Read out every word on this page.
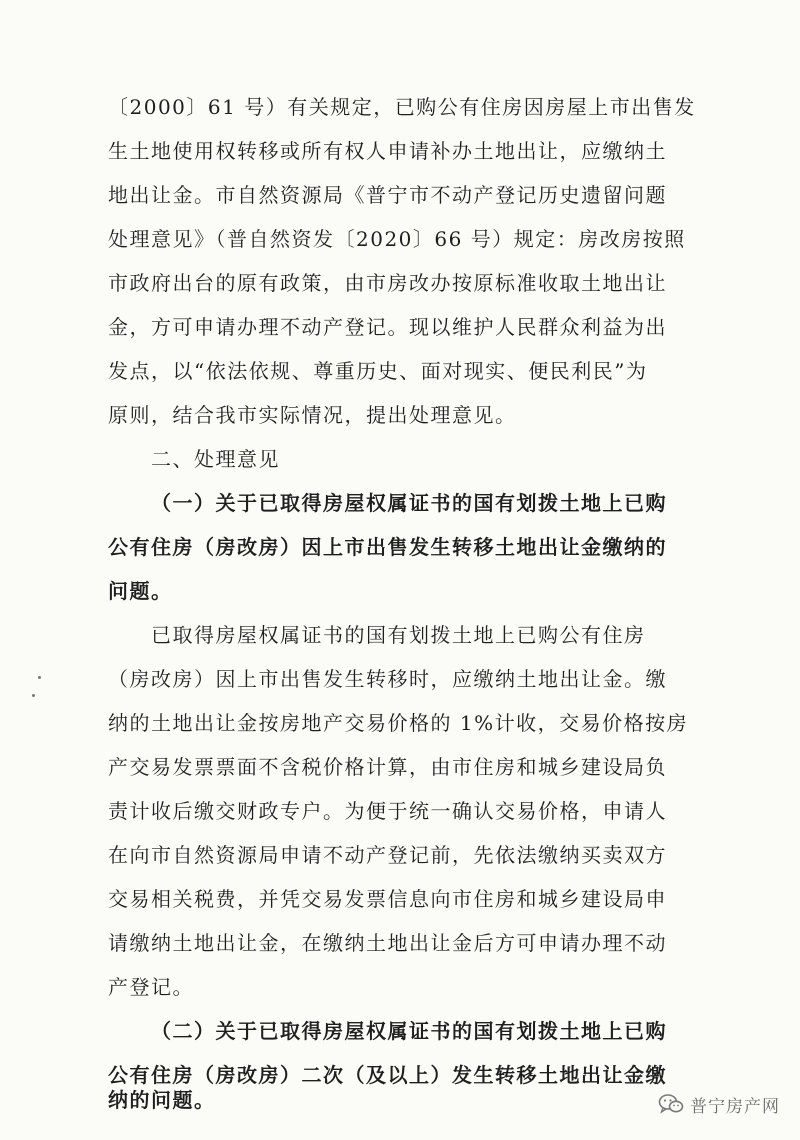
〔2000〕61 号）有关规定，已购公有住房因房屋上市出售发
生土地使用权转移或所有权人申请补办土地出让，应缴纳土
地出让金。市自然资源局《普宁市不动产登记历史遗留问题
处理意见》（普自然资发〔2020〕66 号）规定：房改房按照
市政府出台的原有政策，由市房改办按原标准收取土地出让
金，方可申请办理不动产登记。现以维护人民群众利益为出
发点，以“依法依规、尊重历史、面对现实、便民利民”为
原则，结合我市实际情况，提出处理意见。
二、处理意见
（一）关于已取得房屋权属证书的国有划拨土地上已购
公有住房（房改房）因上市出售发生转移土地出让金缴纳的
问题。
已取得房屋权属证书的国有划拨土地上已购公有住房
（房改房）因上市出售发生转移时，应缴纳土地出让金。缴
纳的土地出让金按房地产交易价格的 1%计收，交易价格按房
产交易发票票面不含税价格计算，由市住房和城乡建设局负
责计收后缴交财政专户。为便于统一确认交易价格，申请人
在向市自然资源局申请不动产登记前，先依法缴纳买卖双方
交易相关税费，并凭交易发票信息向市住房和城乡建设局申
请缴纳土地出让金，在缴纳土地出让金后方可申请办理不动
产登记。
（二）关于已取得房屋权属证书的国有划拨土地上已购
公有住房（房改房）二次（及以上）发生转移土地出让金缴
纳的问题。	普宁房产网
